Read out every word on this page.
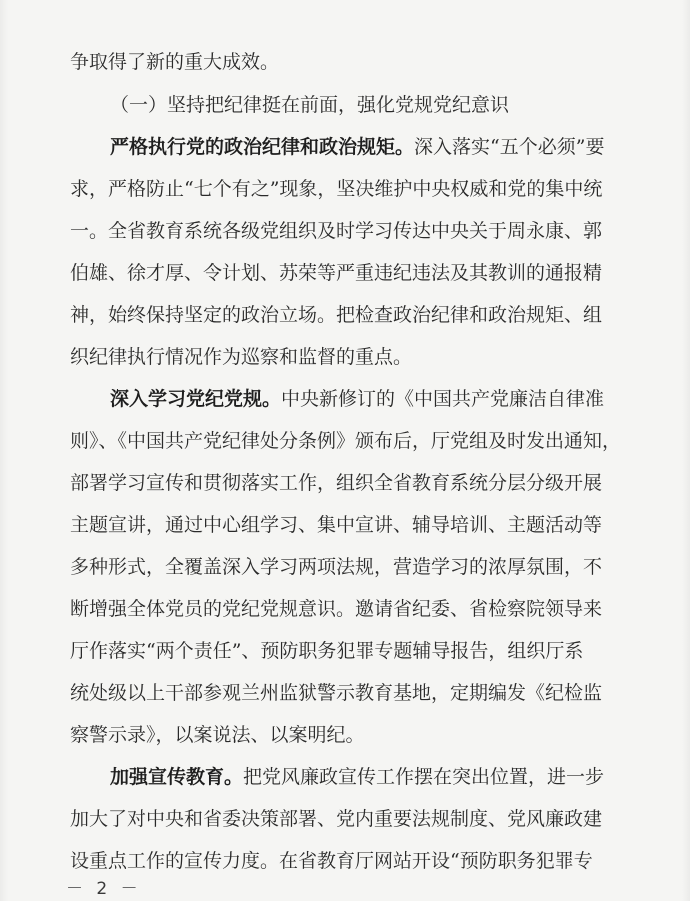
争取得了新的重大成效。
（一）坚持把纪律挺在前面，强化党规党纪意识
严格执行党的政治纪律和政治规矩。深入落实“五个必须”要
求，严格防止“七个有之”现象，坚决维护中央权威和党的集中统
一。全省教育系统各级党组织及时学习传达中央关于周永康、郭
伯雄、徐才厚、令计划、苏荣等严重违纪违法及其教训的通报精
神，始终保持坚定的政治立场。把检查政治纪律和政治规矩、组
织纪律执行情况作为巡察和监督的重点。
深入学习党纪党规。中央新修订的《中国共产党廉洁自律准
则》、《中国共产党纪律处分条例》颁布后，厅党组及时发出通知，
部署学习宣传和贯彻落实工作，组织全省教育系统分层分级开展
主题宣讲，通过中心组学习、集中宣讲、辅导培训、主题活动等
多种形式，全覆盖深入学习两项法规，营造学习的浓厚氛围，不
断增强全体党员的党纪党规意识。邀请省纪委、省检察院领导来
厅作落实“两个责任”、预防职务犯罪专题辅导报告，组织厅系
统处级以上干部参观兰州监狱警示教育基地，定期编发《纪检监
察警示录》，以案说法、以案明纪。
加强宣传教育。把党风廉政宣传工作摆在突出位置，进一步
加大了对中央和省委决策部署、党内重要法规制度、党风廉政建
设重点工作的宣传力度。在省教育厅网站开设“预防职务犯罪专
－ 2 －
